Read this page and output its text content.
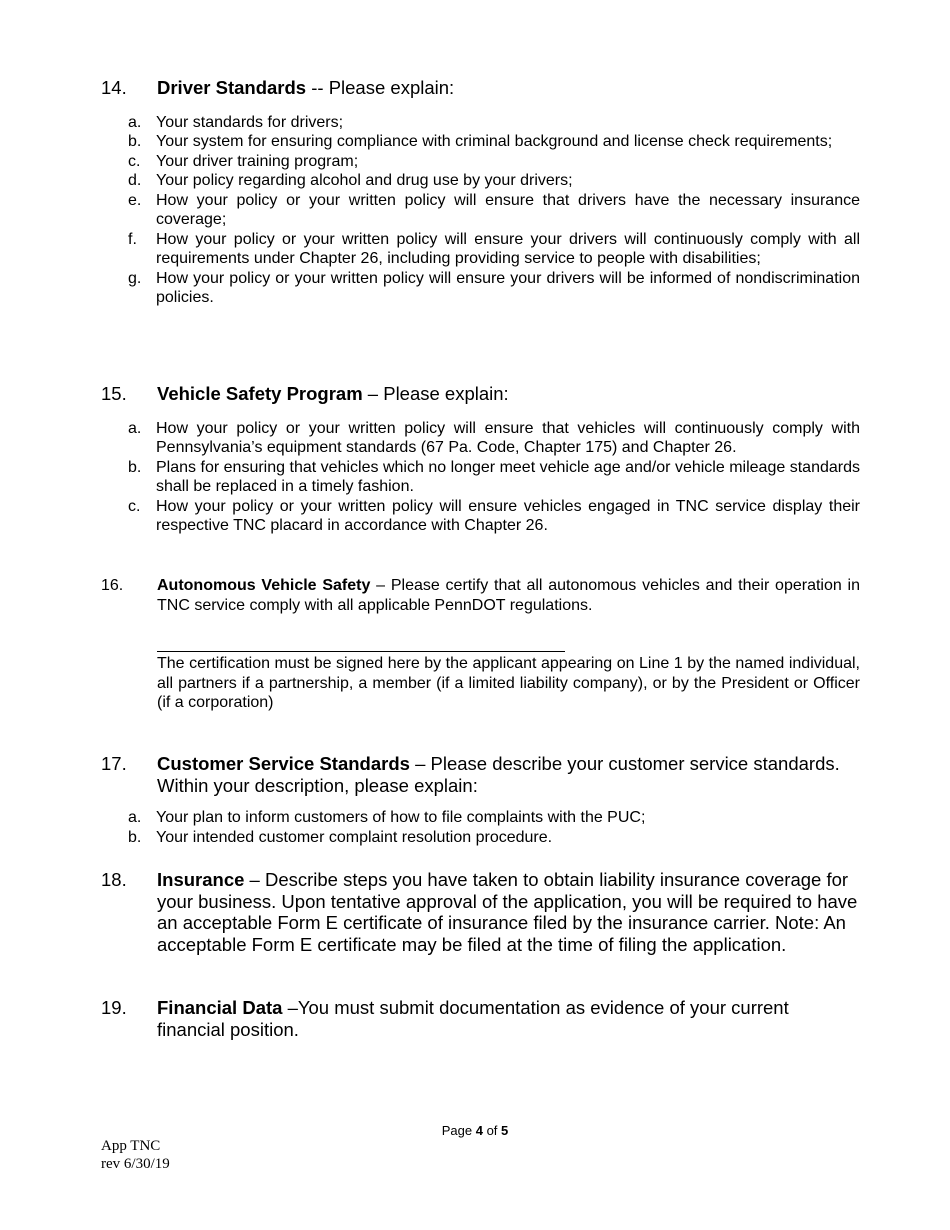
14. Driver Standards -- Please explain:
a. Your standards for drivers;
b. Your system for ensuring compliance with criminal background and license check requirements;
c. Your driver training program;
d. Your policy regarding alcohol and drug use by your drivers;
e. How your policy or your written policy will ensure that drivers have the necessary insurance coverage;
f. How your policy or your written policy will ensure your drivers will continuously comply with all requirements under Chapter 26, including providing service to people with disabilities;
g. How your policy or your written policy will ensure your drivers will be informed of nondiscrimination policies.
15. Vehicle Safety Program – Please explain:
a. How your policy or your written policy will ensure that vehicles will continuously comply with Pennsylvania’s equipment standards (67 Pa. Code, Chapter 175) and Chapter 26.
b. Plans for ensuring that vehicles which no longer meet vehicle age and/or vehicle mileage standards shall be replaced in a timely fashion.
c. How your policy or your written policy will ensure vehicles engaged in TNC service display their respective TNC placard in accordance with Chapter 26.
16. Autonomous Vehicle Safety – Please certify that all autonomous vehicles and their operation in TNC service comply with all applicable PennDOT regulations.
The certification must be signed here by the applicant appearing on Line 1 by the named individual, all partners if a partnership, a member (if a limited liability company), or by the President or Officer (if a corporation)
17. Customer Service Standards – Please describe your customer service standards. Within your description, please explain:
a. Your plan to inform customers of how to file complaints with the PUC;
b. Your intended customer complaint resolution procedure.
18. Insurance – Describe steps you have taken to obtain liability insurance coverage for your business. Upon tentative approval of the application, you will be required to have an acceptable Form E certificate of insurance filed by the insurance carrier. Note: An acceptable Form E certificate may be filed at the time of filing the application.
19. Financial Data –You must submit documentation as evidence of your current financial position.
Page 4 of 5
App TNC
rev 6/30/19
